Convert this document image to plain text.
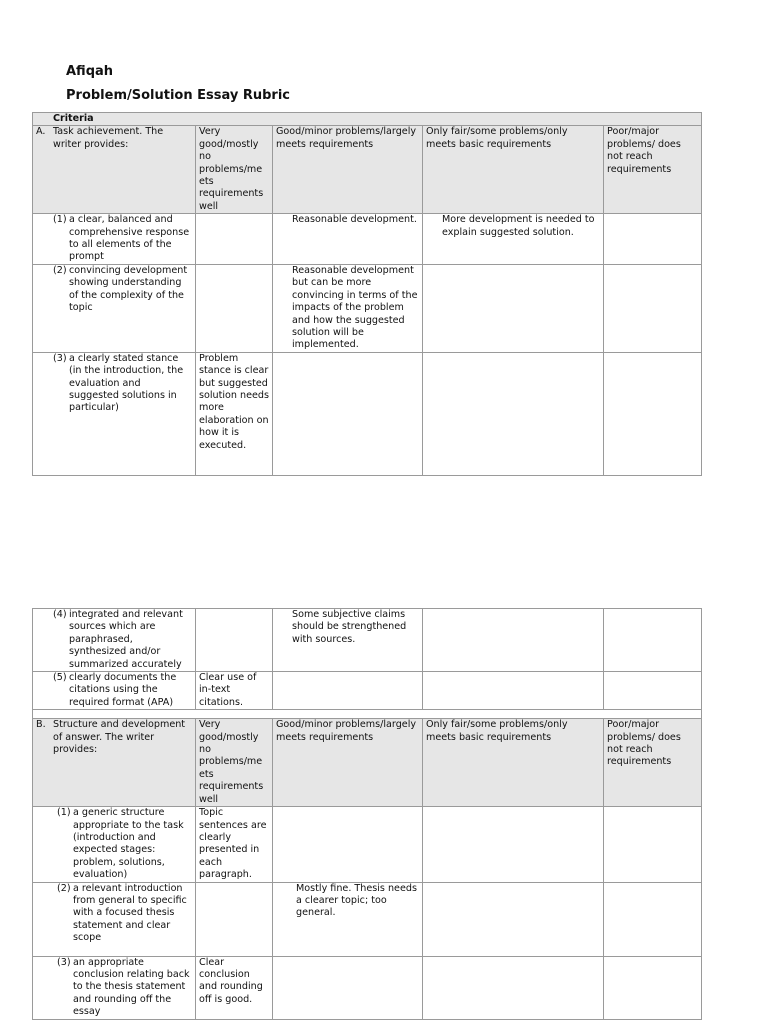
Afiqah
Problem/Solution Essay Rubric
Criteria				

A. Task achievement. The writer provides:	Very good/mostly no problems/me ets requirements well	Good/minor problems/largely meets requirements	Only fair/some problems/only meets basic requirements	Poor/major problems/ does not reach requirements

(1) a clear, balanced and comprehensive response to all elements of the prompt		Reasonable development.	More development is needed to explain suggested solution.	

(2) convincing development showing understanding of the complexity of the topic		Reasonable development but can be more convincing in terms of the impacts of the problem and how the suggested solution will be implemented.		

(3) a clearly stated stance (in the introduction, the evaluation and suggested solutions in particular)	Problem stance is clear but suggested solution needs more elaboration on how it is executed.			
(4) integrated and relevant sources which are paraphrased, synthesized and/or summarized accurately		Some subjective claims should be strengthened with sources.		

(5) clearly documents the citations using the required format (APA)	Clear use of in-text citations.			

B. Structure and development of answer. The writer provides:	Very good/mostly no problems/me ets requirements well	Good/minor problems/largely meets requirements	Only fair/some problems/only meets basic requirements	Poor/major problems/ does not reach requirements

(1) a generic structure appropriate to the task (introduction and expected stages: problem, solutions, evaluation)	Topic sentences are clearly presented in each paragraph.			

(2) a relevant introduction from general to specific with a focused thesis statement and clear scope		Mostly fine. Thesis needs a clearer topic; too general.		

(3) an appropriate conclusion relating back to the thesis statement and rounding off the essay	Clear conclusion and rounding off is good.			
